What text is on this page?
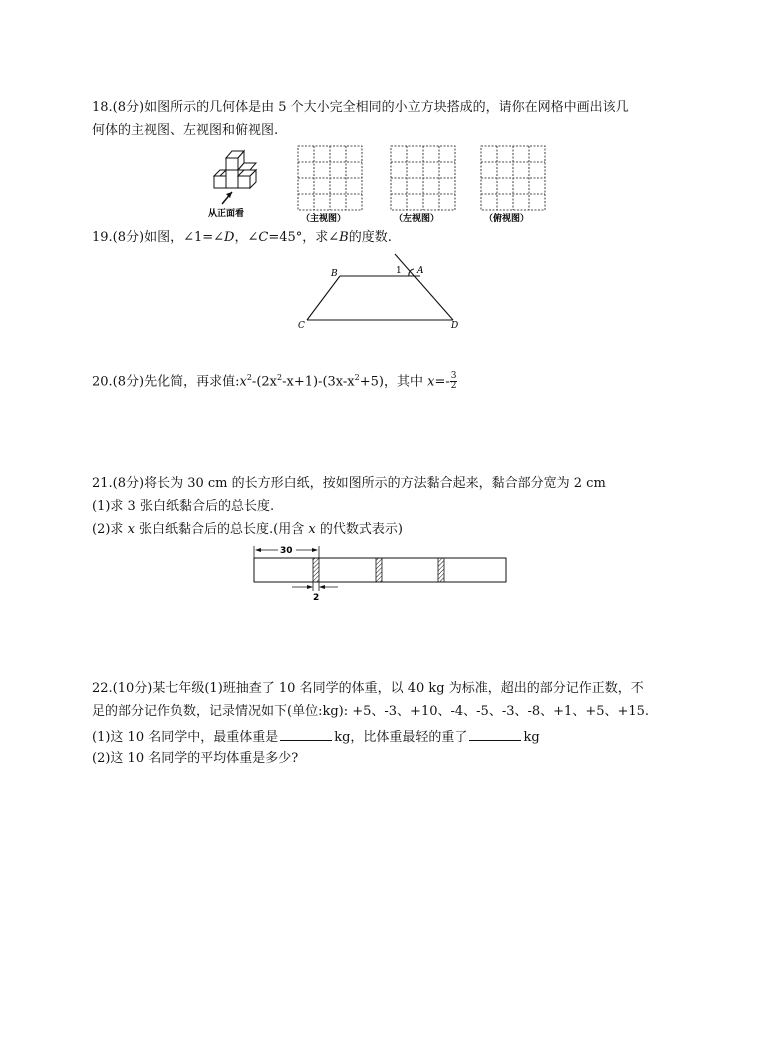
18.(8分)如图所示的几何体是由 5 个大小完全相同的小立方块搭成的，请你在网格中画出该几
何体的主视图、左视图和俯视图.
从正面看	（主视图）	（左视图）	（俯视图）
19.(8分)如图，∠1=∠D，∠C=45°，求∠B的度数.
B	A
C	D
1
20.(8分)先化简，再求值$:x^2-(2x^2-x+1)-(3x-x^2+5)$，其中 $x=- \frac{3}{2}$
21.(8分)将长为 30 cm 的长方形白纸，按如图所示的方法黏合起来，黏合部分宽为 2 cm
(1)求 3 张白纸黏合后的总长度.
(2)求 x 张白纸黏合后的总长度.(用含 x 的代数式表示)
30
2
22.(10分)某七年级(1)班抽查了 10 名同学的体重，以 40 kg 为标准，超出的部分记作正数，不
足的部分记作负数，记录情况如下(单位:kg): +5、-3、+10、-4、-5、-3、-8、+1、+5、+15.
(1)这 10 名同学中，最重体重是	kg，比体重最轻的重了	kg
(2)这 10 名同学的平均体重是多少?
